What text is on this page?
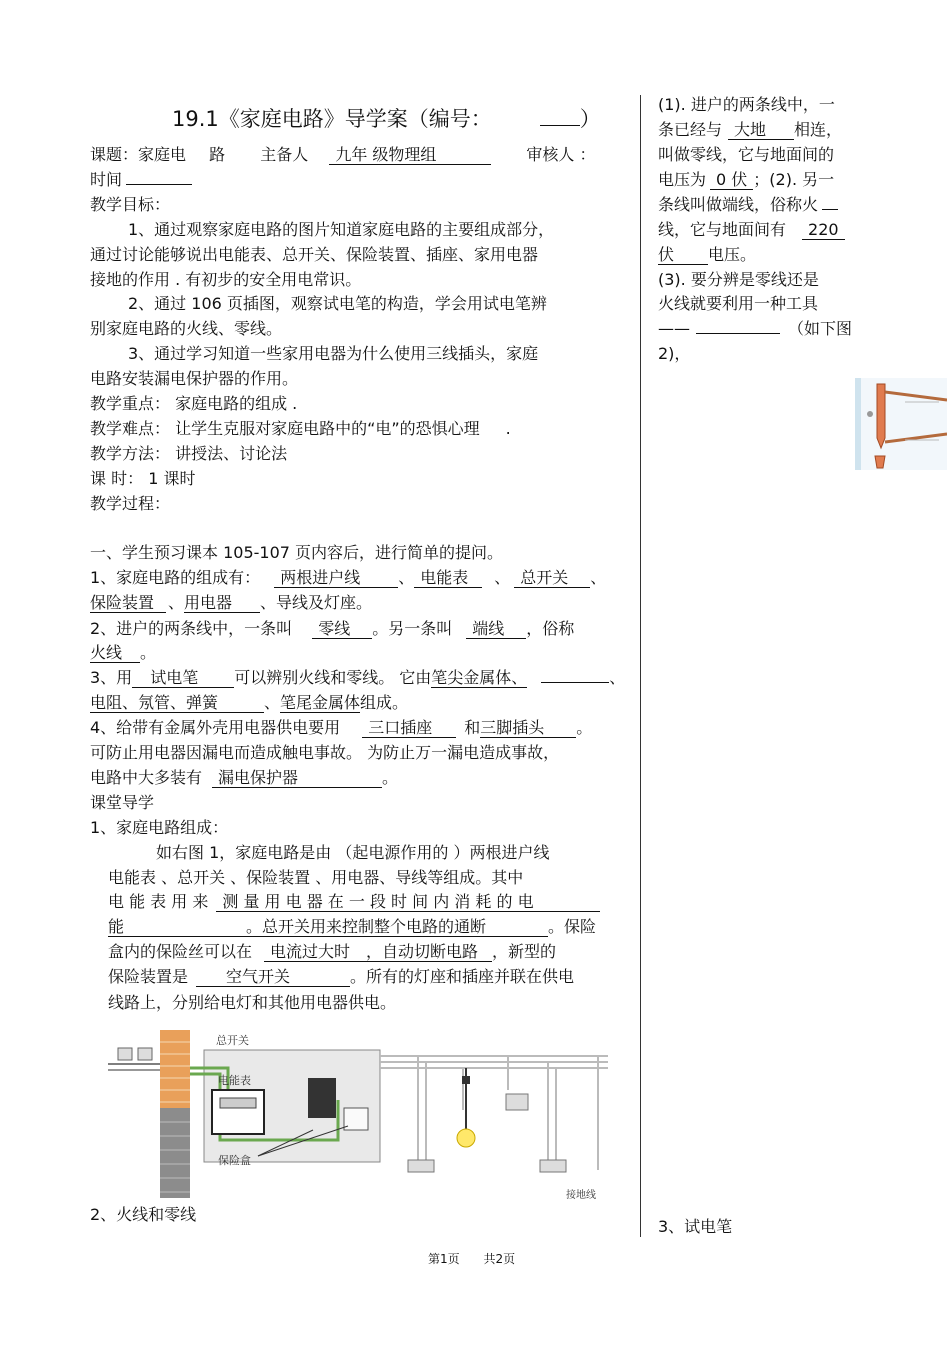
19.1《家庭电路》导学案（编号：	）
课题：家庭电 路 主备人 九年 级物理组	审核人 ：
时间
教学目标：
1、通过观察家庭电路的图片知道家庭电路的主要组成部分，
通过讨论能够说出电能表、总开关、保险装置、插座、家用电器
接地的作用 . 有初步的安全用电常识。
2、通过 106 页插图，观察试电笔的构造，学会用试电笔辨
别家庭电路的火线、零线。
3、通过学习知道一些家用电器为什么使用三线插头，家庭
电路安装漏电保护器的作用。
教学重点： 家庭电路的组成 .
教学难点： 让学生克服对家庭电路中的“电”的恐惧心理 .
教学方法： 讲授法、讨论法
课 时： 1 课时
教学过程：
一、学生预习课本 105-107 页内容后，进行简单的提问。
1、家庭电路的组成有： 两根进户线 、 电能表 、 总开关 、
保险装置 、用电器 、导线及灯座。
2、进户的两条线中，一条叫 零线 。另一条叫 端线 ，俗称
火线 。
3、用 试电笔 可以辨别火线和零线。 它由笔尖金属体、	、
电阻、氖管、弹簧	、笔尾金属体组成。
4、给带有金属外壳用电器供电要用 三口插座 和三脚插头 。
可防止用电器因漏电而造成触电事故。 为防止万一漏电造成事故，
电路中大多装有 漏电保护器	。
课堂导学
1、家庭电路组成：
如右图 1，家庭电路是由 （起电源作用的 ）两根进户线
电能表 、总开关 、保险装置 、用电器、导线等组成。其中
电 能 表 用 来 测 量 用 电 器 在 一 段 时 间 内 消 耗 的 电
能	。总开关用来控制整个电路的通断	。保险
盒内的保险丝可以在 电流过大时 ，自动切断电路 ，新型的
保险装置是 空气开关	。所有的灯座和插座并联在供电
线路上，分别给电灯和其他用电器供电。
总开关
电能表
保险盒
接地线
2、火线和零线
(1). 进户的两条线中，一
条已经与 大地 相连，
叫做零线，它与地面间的
电压为 0 伏 ；(2). 另一
条线叫做端线，俗称火
线，它与地面间有 220
伏 电压。
(3). 要分辨是零线还是
火线就要利用一种工具
——	（如下图
2)，
3、试电笔
第1页 共2页
